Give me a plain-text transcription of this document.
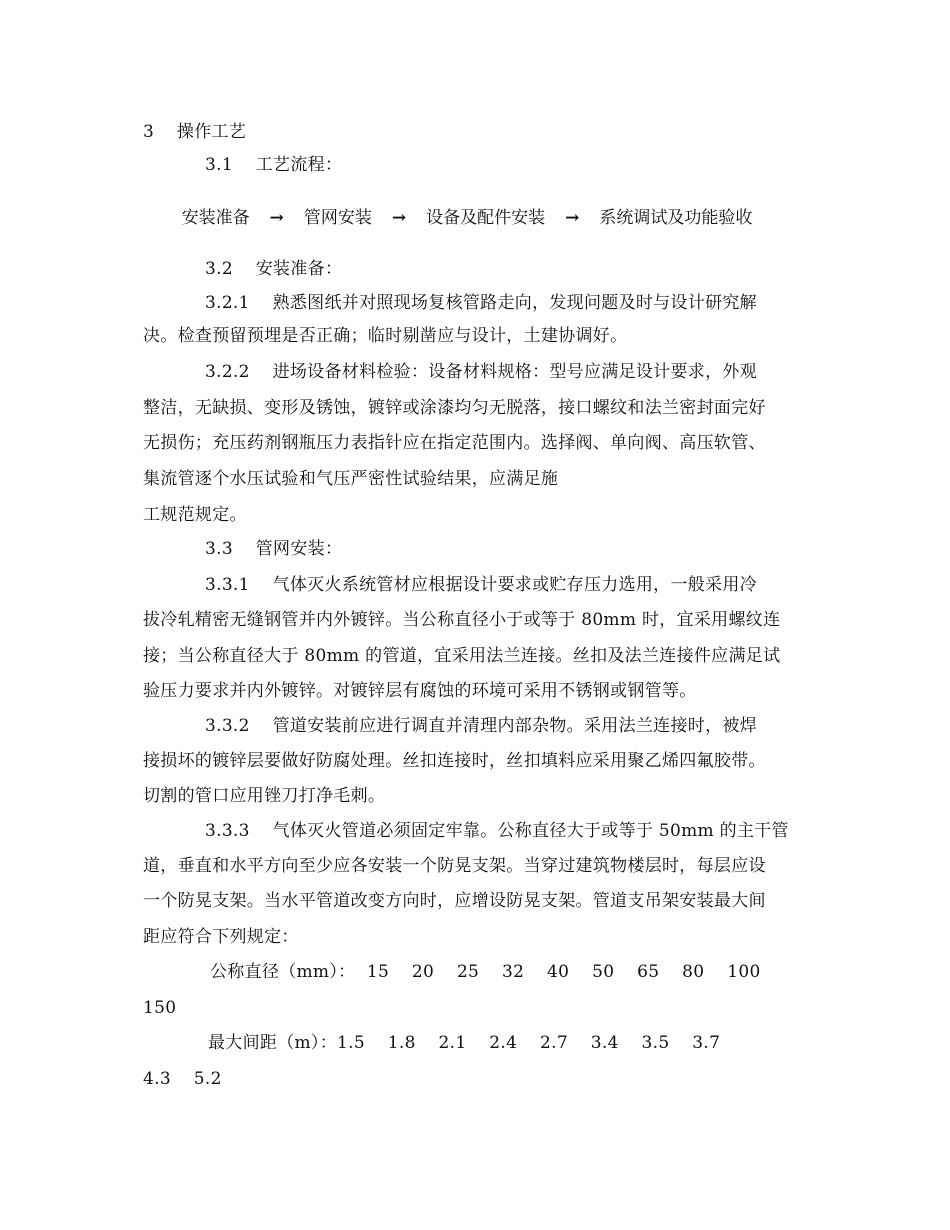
3    操作工艺
3.1    工艺流程：

安装准备 → 管网安装 → 设备及配件安装 → 系统调试及功能验收

3.2    安装准备：
3.2.1    熟悉图纸并对照现场复核管路走向，发现问题及时与设计研究解
决。检查预留预埋是否正确；临时剔凿应与设计，土建协调好。
3.2.2    进场设备材料检验：设备材料规格：型号应满足设计要求，外观
整洁，无缺损、变形及锈蚀，镀锌或涂漆均匀无脱落，接口螺纹和法兰密封面完好
无损伤；充压药剂钢瓶压力表指针应在指定范围内。选择阀、单向阀、高压软管、
集流管逐个水压试验和气压严密性试验结果，应满足施
工规范规定。
3.3    管网安装：
3.3.1    气体灭火系统管材应根据设计要求或贮存压力选用，一般采用冷
拔冷轧精密无缝钢管并内外镀锌。当公称直径小于或等于 80mm 时，宜采用螺纹连
接；当公称直径大于 80mm 的管道，宜采用法兰连接。丝扣及法兰连接件应满足试
验压力要求并内外镀锌。对镀锌层有腐蚀的环境可采用不锈钢或钢管等。
3.3.2    管道安装前应进行调直并清理内部杂物。采用法兰连接时，被焊
接损坏的镀锌层要做好防腐处理。丝扣连接时，丝扣填料应采用聚乙烯四氟胶带。
切割的管口应用锉刀打净毛刺。
3.3.3    气体灭火管道必须固定牢靠。公称直径大于或等于 50mm 的主干管
道，垂直和水平方向至少应各安装一个防晃支架。当穿过建筑物楼层时，每层应设
一个防晃支架。当水平管道改变方向时，应增设防晃支架。管道支吊架安装最大间
距应符合下列规定：
公称直径（mm）：  15    20    25    32    40    50    65    80    100
150
最大间距（m）：1.5    1.8    2.1    2.4    2.7    3.4    3.5    3.7
4.3    5.2
